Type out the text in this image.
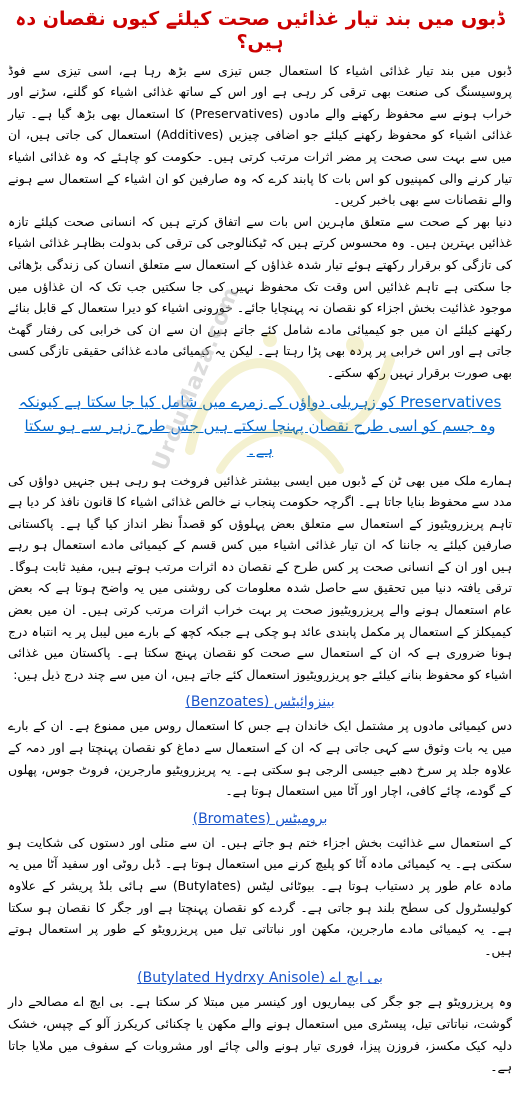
UrduMaza.com
ڈبوں میں بند تیار غذائیں صحت کیلئے کیوں نقصان دہ ہیں؟

ڈبوں میں بند تیار غذائی اشیاء کا استعمال جس تیزی سے بڑھ رہا ہے، اسی تیزی سے فوڈ پروسیسنگ کی صنعت بھی ترقی کر رہی ہے اور اس کے ساتھ غذائی اشیاء کو گلنے، سڑنے اور خراب ہونے سے محفوظ رکھنے والے مادوں (Preservatives) کا استعمال بھی بڑھ گیا ہے۔ تیار غذائی اشیاء کو محفوظ رکھنے کیلئے جو اضافی چیزیں (Additives) استعمال کی جاتی ہیں، ان میں سے بہت سی صحت پر مضر اثرات مرتب کرتی ہیں۔ حکومت کو چاہئے کہ وہ غذائی اشیاء تیار کرنے والی کمپنیوں کو اس بات کا پابند کرے کہ وہ صارفین کو ان اشیاء کے استعمال سے ہونے والے نقصانات سے بھی باخبر کریں۔

دنیا بھر کے صحت سے متعلق ماہرین اس بات سے اتفاق کرتے ہیں کہ انسانی صحت کیلئے تازہ غذائیں بہترین ہیں۔ وہ محسوس کرتے ہیں کہ ٹیکنالوجی کی ترقی کی بدولت بظاہر غذائی اشیاء کی تازگی کو برقرار رکھتے ہوئے تیار شدہ غذاؤں کے استعمال سے متعلق انسان کی زندگی بڑھائی جا سکتی ہے تاہم غذائیں اس وقت تک محفوظ نہیں کی جا سکتیں جب تک کہ ان غذاؤں میں موجود غذائیت بخش اجزاء کو نقصان نہ پہنچایا جائے۔ خورونی اشیاء کو دیرا ستعمال کے قابل بنائے رکھنے کیلئے ان میں جو کیمیائی مادے شامل کئے جاتے ہیں ان سے ان کی خرابی کی رفتار گھٹ جاتی ہے اور اس خرابی پر پردہ بھی پڑا رہتا ہے۔ لیکن یہ کیمیائی مادے غذائی حقیقی تازگی کسی بھی صورت برقرار نہیں رکھ سکتے۔

Preservatives کو زہریلی دواؤں کے زمرے میں شامل کیا جا سکتا ہے کیونکہ وہ جسم کو اسی طرح نقصان پہنچا سکتے ہیں جس طرح زہر سے ہو سکتا ہے۔

ہمارے ملک میں بھی ٹن کے ڈبوں میں ایسی بیشتر غذائیں فروخت ہو رہی ہیں جنہیں دواؤں کی مدد سے محفوظ بنایا جاتا ہے۔ اگرچہ حکومت پنجاب نے خالص غذائی اشیاء کا قانون نافذ کر دیا ہے تاہم پریزرویٹیوز کے استعمال سے متعلق بعض پہلوؤں کو قصداً نظر انداز کیا گیا ہے۔ پاکستانی صارفین کیلئے یہ جاننا کہ ان تیار غذائی اشیاء میں کس قسم کے کیمیائی مادے استعمال ہو رہے ہیں اور ان کے انسانی صحت پر کس طرح کے نقصان دہ اثرات مرتب ہوتے ہیں، مفید ثابت ہوگا۔ ترقی یافتہ دنیا میں تحقیق سے حاصل شدہ معلومات کی روشنی میں یہ واضح ہوتا ہے کہ بعض عام استعمال ہونے والے پریزرویٹیوز صحت پر بہت خراب اثرات مرتب کرتی ہیں۔ ان میں بعض کیمیکلز کے استعمال پر مکمل پابندی عائد ہو چکی ہے جبکہ کچھ کے بارے میں لیبل پر یہ انتباہ درج ہونا ضروری ہے کہ ان کے استعمال سے صحت کو نقصان پہنچ سکتا ہے۔ پاکستان میں غذائی اشیاء کو محفوظ بنانے کیلئے جو پریزرویٹیوز استعمال کئے جاتے ہیں، ان میں سے چند درج ذیل ہیں:

بینزوائیٹس (Benzoates)

دس کیمیائی مادوں پر مشتمل ایک خاندان ہے جس کا استعمال روس میں ممنوع ہے۔ ان کے بارے میں یہ بات وثوق سے کہی جاتی ہے کہ ان کے استعمال سے دماغ کو نقصان پہنچتا ہے اور دمہ کے علاوہ جلد پر سرخ دھبے جیسی الرجی ہو سکتی ہے۔ یہ پریزرویٹیو مارجرین، فروٹ جوس، پھلوں کے گودے، چائے کافی، اچار اور آٹا میں استعمال ہوتا ہے۔

برومیٹس (Bromates)

کے استعمال سے غذائیت بخش اجزاء ختم ہو جاتے ہیں۔ ان سے متلی اور دستوں کی شکایت ہو سکتی ہے۔ یہ کیمیائی مادہ آٹا کو پلیچ کرنے میں استعمال ہوتا ہے۔ ڈبل روٹی اور سفید آٹا میں یہ مادہ عام طور پر دستیاب ہوتا ہے۔ بیوٹائی لیٹس (Butylates) سے ہائی بلڈ پریشر کے علاوہ کولیسٹرول کی سطح بلند ہو جاتی ہے۔ گردے کو نقصان پہنچتا ہے اور جگر کا نقصان ہو سکتا ہے۔ یہ کیمیائی مادے مارجرین، مکھن اور نباتاتی تیل میں پریزرویٹو کے طور پر استعمال ہوتے ہیں۔

بی ایچ اے (Butylated Hydrxy Anisole)

وہ پریزرویٹو ہے جو جگر کی بیماریوں اور کینسر میں مبتلا کر سکتا ہے۔ بی ایچ اے مصالحے دار گوشت، نباتاتی تیل، پیسٹری میں استعمال ہونے والے مکھن یا چکنائی کریکرز آلو کے چپس، خشک دلیہ کیک مکسز، فروزن پیزا، فوری تیار ہونے والی چائے اور مشروبات کے سفوف میں ملایا جاتا ہے۔
